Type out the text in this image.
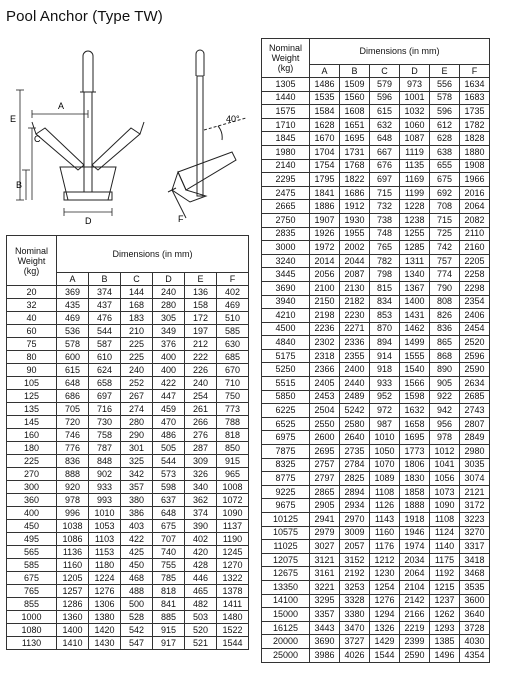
Pool Anchor (Type TW)
A
E
C
B
D
40°
F
Nominal
Weight
(kg)	Dimensions (in mm)					
	A	B	C	D	E	F
20	369	374	144	240	136	402
32	435	437	168	280	158	469
40	469	476	183	305	172	510
60	536	544	210	349	197	585
75	578	587	225	376	212	630
80	600	610	225	400	222	685
90	615	624	240	400	226	670
105	648	658	252	422	240	710
125	686	697	267	447	254	750
135	705	716	274	459	261	773
145	720	730	280	470	266	788
160	746	758	290	486	276	818
180	776	787	301	505	287	850
225	836	848	325	544	309	915
270	888	902	342	573	326	965
300	920	933	357	598	340	1008
360	978	993	380	637	362	1072
400	996	1010	386	648	374	1090
450	1038	1053	403	675	390	1137
495	1086	1103	422	707	402	1190
565	1136	1153	425	740	420	1245
585	1160	1180	450	755	428	1270
675	1205	1224	468	785	446	1322
765	1257	1276	488	818	465	1378
855	1286	1306	500	841	482	1411
1000	1360	1380	528	885	503	1480
1080	1400	1420	542	915	520	1522
1130	1410	1430	547	917	521	1544
Nominal
Weight
(kg)	Dimensions (in mm)					
	A	B	C	D	E	F
1305	1486	1509	579	973	556	1634
1440	1535	1560	596	1001	578	1683
1575	1584	1608	615	1032	596	1735
1710	1628	1651	632	1060	612	1782
1845	1670	1695	648	1087	628	1828
1980	1704	1731	667	1119	638	1880
2140	1754	1768	676	1135	655	1908
2295	1795	1822	697	1169	675	1966
2475	1841	1686	715	1199	692	2016
2665	1886	1912	732	1228	708	2064
2750	1907	1930	738	1238	715	2082
2835	1926	1955	748	1255	725	2110
3000	1972	2002	765	1285	742	2160
3240	2014	2044	782	1311	757	2205
3445	2056	2087	798	1340	774	2258
3690	2100	2130	815	1367	790	2298
3940	2150	2182	834	1400	808	2354
4210	2198	2230	853	1431	826	2406
4500	2236	2271	870	1462	836	2454
4840	2302	2336	894	1499	865	2520
5175	2318	2355	914	1555	868	2596
5250	2366	2400	918	1540	890	2590
5515	2405	2440	933	1566	905	2634
5850	2453	2489	952	1598	922	2685
6225	2504	5242	972	1632	942	2743
6525	2550	2580	987	1658	956	2807
6975	2600	2640	1010	1695	978	2849
7875	2695	2735	1050	1773	1012	2980
8325	2757	2784	1070	1806	1041	3035
8775	2797	2825	1089	1830	1056	3074
9225	2865	2894	1108	1858	1073	2121
9675	2905	2934	1126	1888	1090	3172
10125	2941	2970	1143	1918	1108	3223
10575	2979	3009	1160	1946	1124	3270
11025	3027	2057	1176	1974	1140	3317
12075	3121	3152	1212	2034	1175	3418
12675	3161	2192	1230	2064	1192	3468
13350	3221	3253	1254	2104	1215	3535
14100	3295	3328	1276	2142	1237	3600
15000	3357	3380	1294	2166	1262	3640
16125	3443	3470	1326	2219	1293	3728
20000	3690	3727	1429	2399	1385	4030
25000	3986	4026	1544	2590	1496	4354
